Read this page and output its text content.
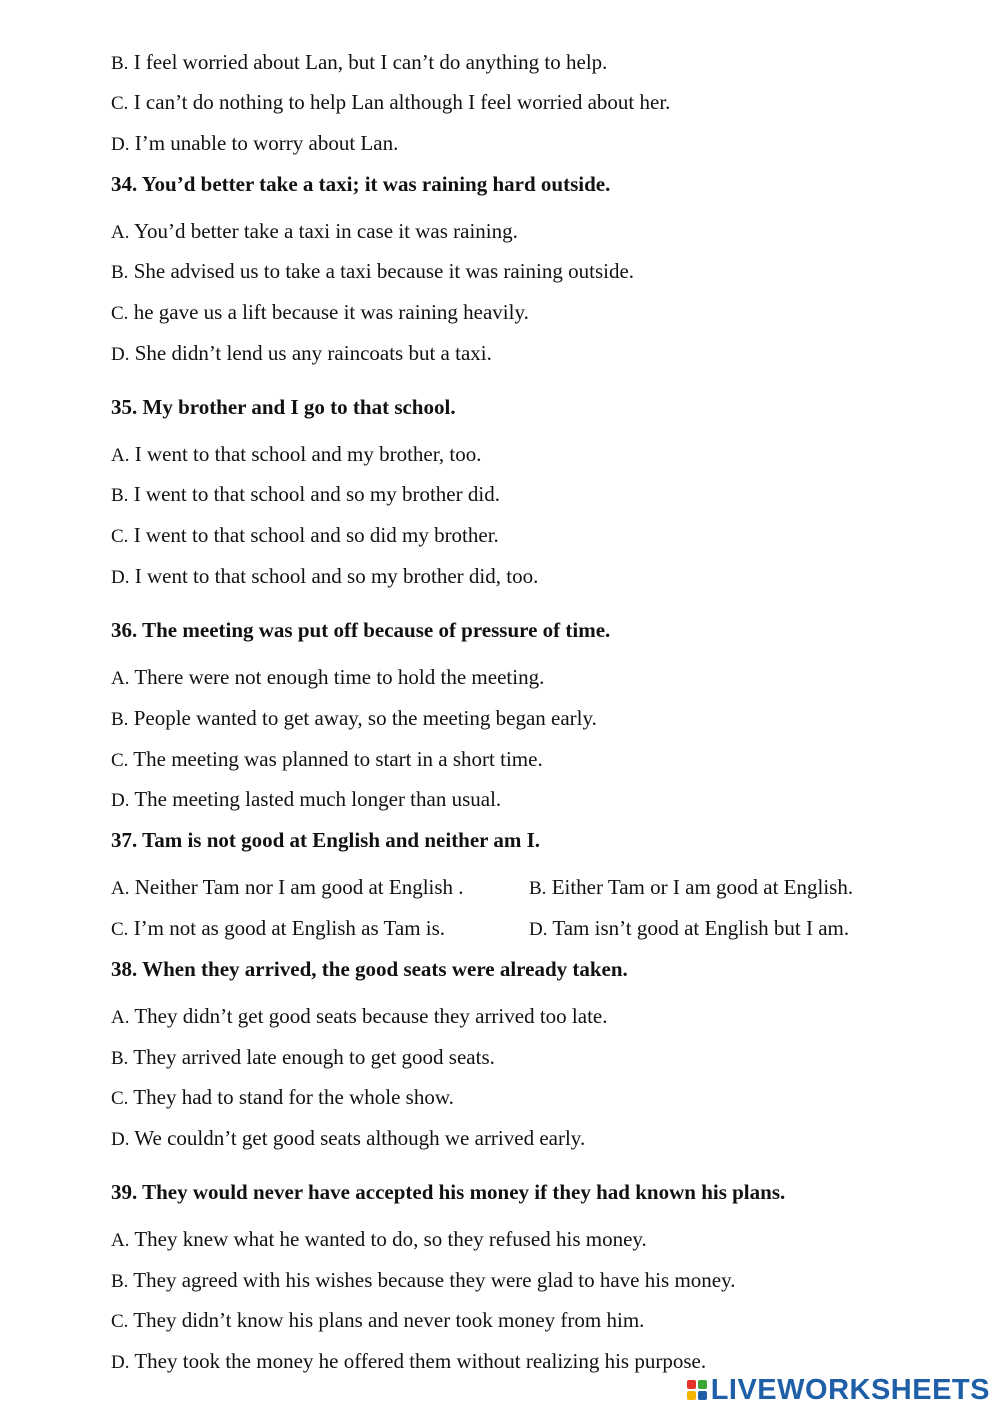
B. I feel worried about Lan, but I can’t do anything to help.

C. I can’t do nothing to help Lan although I feel worried about her.

D. I’m unable to worry about Lan.

34. You’d better take a taxi; it was raining hard outside.

A. You’d better take a taxi in case it was raining.

B. She advised us to take a taxi because it was raining outside.

C. he gave us a lift because it was raining heavily.

D. She didn’t lend us any raincoats but a taxi.

35. My brother and I go to that school.

A. I went to that school and my brother, too.

B. I went to that school and so my brother did.

C. I went to that school and so did my brother.

D. I went to that school and so my brother did, too.

36. The meeting was put off because of pressure of time.

A. There were not enough time to hold the meeting.

B. People wanted to get away, so the meeting began early.

C. The meeting was planned to start in a short time.

D. The meeting lasted much longer than usual.

37. Tam is not good at English and neither am I.

A. Neither Tam nor I am good at English .	B. Either Tam or I am good at English.

C. I’m not as good at English as Tam is.	D. Tam isn’t good at English but I am.

38. When they arrived, the good seats were already taken.

A. They didn’t get good seats because they arrived too late.

B. They arrived late enough to get good seats.

C. They had to stand for the whole show.

D. We couldn’t get good seats although we arrived early.

39. They would never have accepted his money if they had known his plans.

A. They knew what he wanted to do, so they refused his money.

B. They agreed with his wishes because they were glad to have his money.

C. They didn’t know his plans and never took money from him.

D. They took the money he offered them without realizing his purpose.

LIVEWORKSHEETS
